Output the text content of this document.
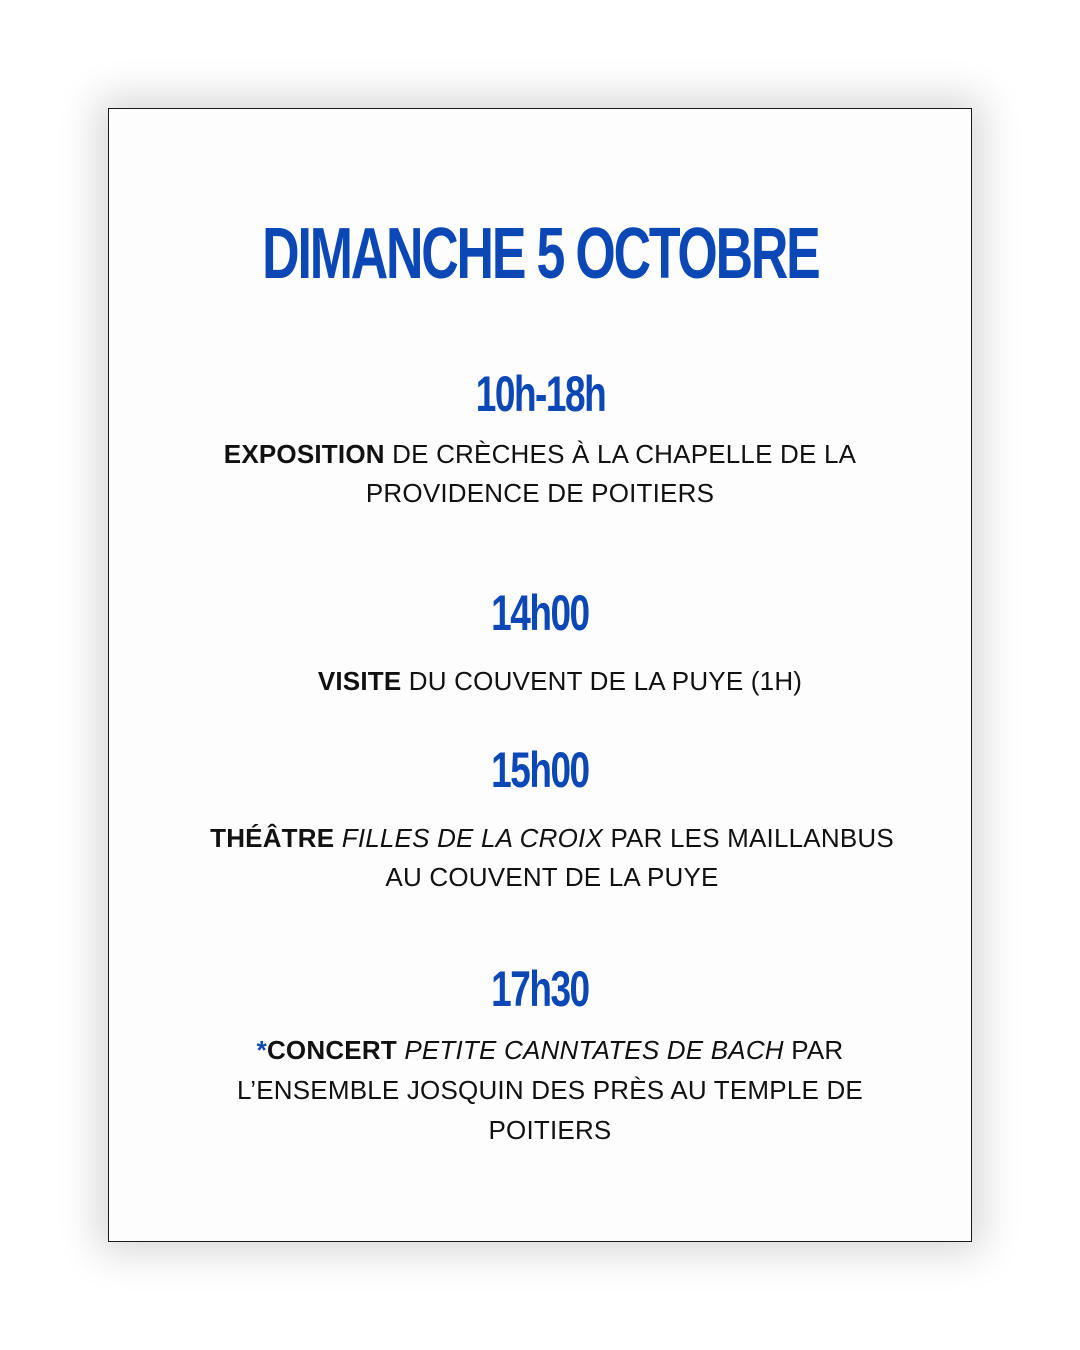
DIMANCHE 5 OCTOBRE
10h-18h
EXPOSITION DE CRÈCHES À LA CHAPELLE DE LA PROVIDENCE DE POITIERS
14h00
VISITE DU COUVENT DE LA PUYE (1H)
15h00
THÉÂTRE FILLES DE LA CROIX PAR LES MAILLANBUS AU COUVENT DE LA PUYE
17h30
*CONCERT PETITE CANNTATES DE BACH PAR L’ENSEMBLE JOSQUIN DES PRÈS AU TEMPLE DE POITIERS
